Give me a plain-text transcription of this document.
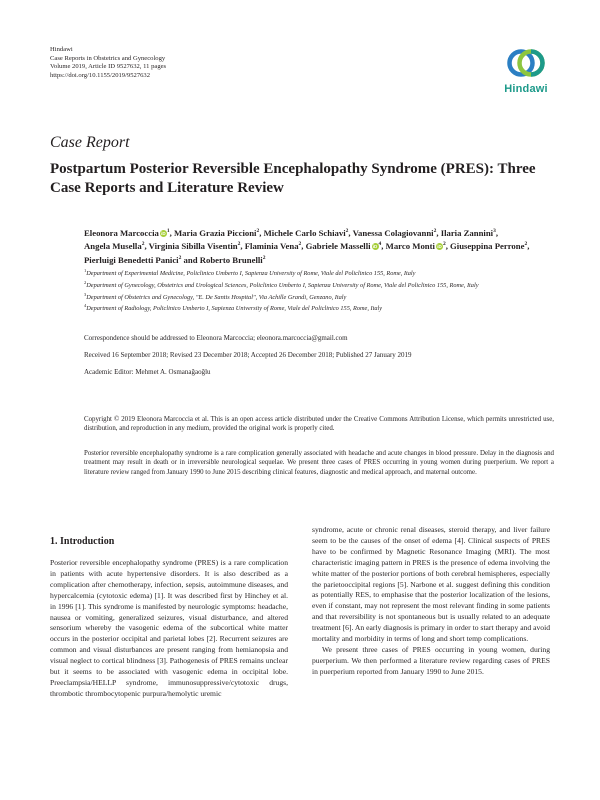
Hindawi
Case Reports in Obstetrics and Gynecology
Volume 2019, Article ID 9527632, 11 pages
https://doi.org/10.1155/2019/9527632
Hindawi
Case Report
Postpartum Posterior Reversible Encephalopathy Syndrome (PRES): Three Case Reports and Literature Review
Eleonora Marcoccia $iD^1$, Maria Grazia Piccioni$^2$, Michele Carlo Schiavi$^2$, Vanessa Colagiovanni$^2$, Ilaria Zannini$^3$, Angela Musella$^2$, Virginia Sibilla Visentin$^2$, Flaminia Vena$^2$, Gabriele Masselli $iD^4$, Marco Monti $iD^2$, Giuseppina Perrone$^2$, Pierluigi Benedetti Panici$^2$ and Roberto Brunelli$^2$
$^1$Department of Experimental Medicine, Policlinico Umberto I, Sapienza University of Rome, Viale del Policlinico 155, Rome, Italy
$^2$Department of Gynecology, Obstetrics and Urological Sciences, Policlinico Umberto I, Sapienza University of Rome, Viale del Policlinico 155, Rome, Italy
$^3$Department of Obstetrics and Gynecology, "E. De Santis Hospital", Via Achille Grandi, Genzano, Italy
$^4$Department of Radiology, Policlinico Umberto I, Sapienza University of Rome, Viale del Policlinico 155, Rome, Italy
Correspondence should be addressed to Eleonora Marcoccia; eleonora.marcoccia@gmail.com
Received 16 September 2018; Revised 23 December 2018; Accepted 26 December 2018; Published 27 January 2019
Academic Editor: Mehmet A. Osmanağaoğlu
Copyright © 2019 Eleonora Marcoccia et al. This is an open access article distributed under the Creative Commons Attribution License, which permits unrestricted use, distribution, and reproduction in any medium, provided the original work is properly cited.
Posterior reversible encephalopathy syndrome is a rare complication generally associated with headache and acute changes in blood pressure. Delay in the diagnosis and treatment may result in death or in irreversible neurological sequelae. We present three cases of PRES occurring in young women during puerperium. We report a literature review ranged from January 1990 to June 2015 describing clinical features, diagnostic and medical approach, and maternal outcome.
1. Introduction

Posterior reversible encephalopathy syndrome (PRES) is a rare complication in patients with acute hypertensive disorders. It is also described as a complication after chemotherapy, infection, sepsis, autoimmune diseases, and hypercalcemia (cytotoxic edema) [1]. It was described first by Hinchey et al. in 1996 [1]. This syndrome is manifested by neurologic symptoms: headache, nausea or vomiting, generalized seizures, visual disturbance, and altered sensorium whereby the vasogenic edema of the subcortical white matter occurs in the posterior occipital and parietal lobes [2]. Recurrent seizures are common and visual disturbances are present ranging from hemianopsia and visual neglect to cortical blindness [3]. Pathogenesis of PRES remains unclear but it seems to be associated with vasogenic edema in occipital lobe. Preeclampsia/HELLP syndrome, immunosuppressive/cytotoxic drugs, thrombotic thrombocytopenic purpura/hemolytic uremic

syndrome, acute or chronic renal diseases, steroid therapy, and liver failure seem to be the causes of the onset of edema [4]. Clinical suspects of PRES have to be confirmed by Magnetic Resonance Imaging (MRI). The most characteristic imaging pattern in PRES is the presence of edema involving the white matter of the posterior portions of both cerebral hemispheres, especially the parietooccipital regions [5]. Narbone et al. suggest defining this condition as potentially RES, to emphasise that the posterior localization of the lesions, even if constant, may not represent the most relevant finding in some patients and that reversibility is not spontaneous but is usually related to an adequate treatment [6]. An early diagnosis is primary in order to start therapy and avoid mortality and morbidity in terms of long and short temp complications.

We present three cases of PRES occurring in young women, during puerperium. We then performed a literature review regarding cases of PRES in puerperium reported from January 1990 to June 2015.
